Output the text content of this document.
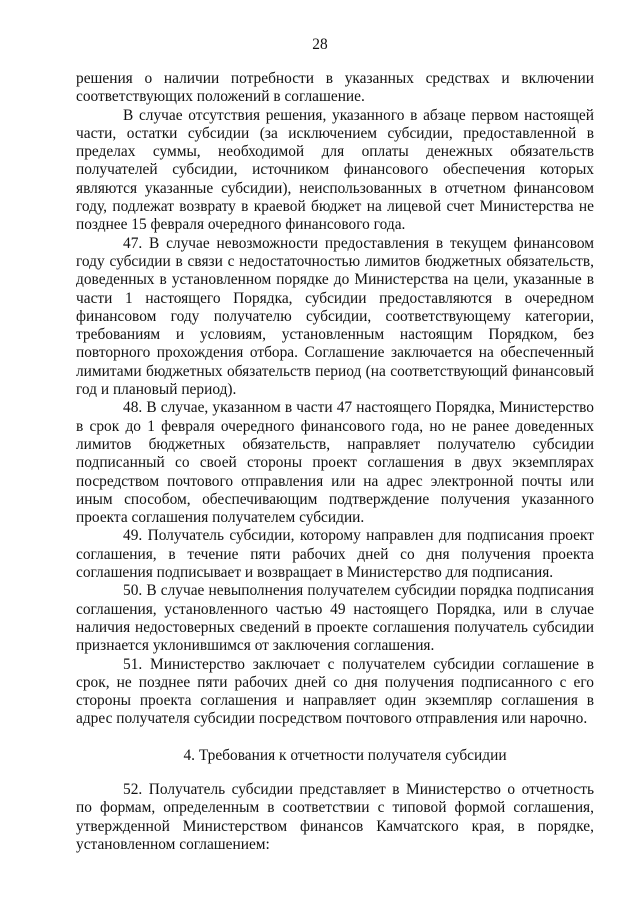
28

решения о наличии потребности в указанных средствах и включении соответствующих положений в соглашение.

В случае отсутствия решения, указанного в абзаце первом настоящей части, остатки субсидии (за исключением субсидии, предоставленной в пределах суммы, необходимой для оплаты денежных обязательств получателей субсидии, источником финансового обеспечения которых являются указанные субсидии), неиспользованных в отчетном финансовом году, подлежат возврату в краевой бюджет на лицевой счет Министерства не позднее 15 февраля очередного финансового года.

47. В случае невозможности предоставления в текущем финансовом году субсидии в связи с недостаточностью лимитов бюджетных обязательств, доведенных в установленном порядке до Министерства на цели, указанные в части 1 настоящего Порядка, субсидии предоставляются в очередном финансовом году получателю субсидии, соответствующему категории, требованиям и условиям, установленным настоящим Порядком, без повторного прохождения отбора. Соглашение заключается на обеспеченный лимитами бюджетных обязательств период (на соответствующий финансовый год и плановый период).

48. В случае, указанном в части 47 настоящего Порядка, Министерство в срок до 1 февраля очередного финансового года, но не ранее доведенных лимитов бюджетных обязательств, направляет получателю субсидии подписанный со своей стороны проект соглашения в двух экземплярах посредством почтового отправления или на адрес электронной почты или иным способом, обеспечивающим подтверждение получения указанного проекта соглашения получателем субсидии.

49. Получатель субсидии, которому направлен для подписания проект соглашения, в течение пяти рабочих дней со дня получения проекта соглашения подписывает и возвращает в Министерство для подписания.

50. В случае невыполнения получателем субсидии порядка подписания соглашения, установленного частью 49 настоящего Порядка, или в случае наличия недостоверных сведений в проекте соглашения получатель субсидии признается уклонившимся от заключения соглашения.

51. Министерство заключает с получателем субсидии соглашение в срок, не позднее пяти рабочих дней со дня получения подписанного с его стороны проекта соглашения и направляет один экземпляр соглашения в адрес получателя субсидии посредством почтового отправления или нарочно.

4. Требования к отчетности получателя субсидии

52. Получатель субсидии представляет в Министерство о отчетность по формам, определенным в соответствии с типовой формой соглашения, утвержденной Министерством финансов Камчатского края, в порядке, установленном соглашением:
